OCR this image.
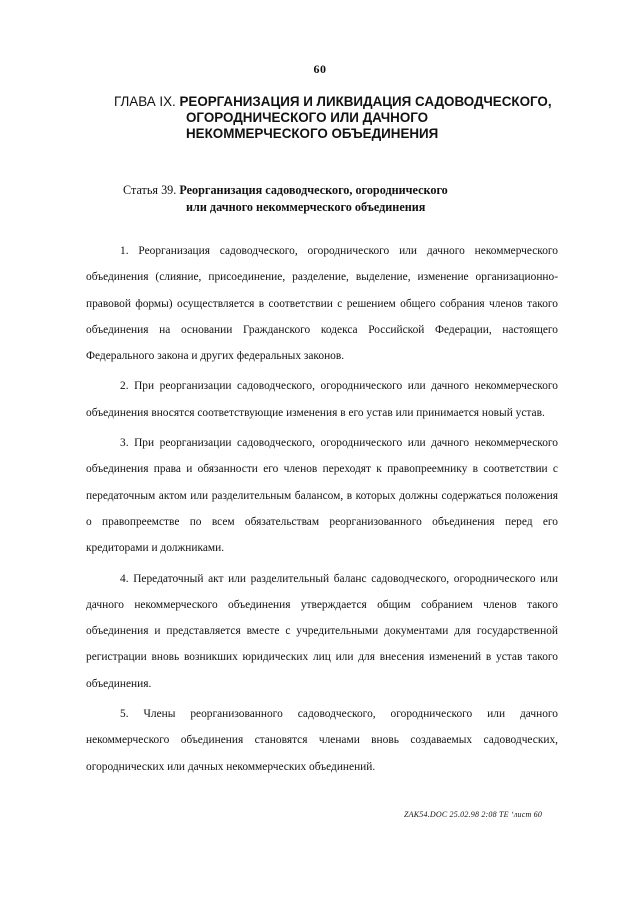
60
ГЛАВА IX. РЕОРГАНИЗАЦИЯ И ЛИКВИДАЦИЯ САДОВОДЧЕСКОГО,
ОГОРОДНИЧЕСКОГО ИЛИ ДАЧНОГО
НЕКОММЕРЧЕСКОГО ОБЪЕДИНЕНИЯ
Статья 39. Реорганизация садоводческого, огороднического
или дачного некоммерческого объединения

1. Реорганизация садоводческого, огороднического или дачного некоммерческого объединения (слияние, присоединение, разделение, выделение, изменение организационно-правовой формы) осуществляется в соответствии с решением общего собрания членов такого объединения на основании Гражданского кодекса Российской Федерации, настоящего Федерального закона и других федеральных законов.

2. При реорганизации садоводческого, огороднического или дачного некоммерческого объединения вносятся соответствующие изменения в его устав или принимается новый устав.

3. При реорганизации садоводческого, огороднического или дачного некоммерческого объединения права и обязанности его членов переходят к правопреемнику в соответствии с передаточным актом или разделительным балансом, в которых должны содержаться положения о правопреемстве по всем обязательствам реорганизованного объединения перед его кредиторами и должниками.

4. Передаточный акт или разделительный баланс садоводческого, огороднического или дачного некоммерческого объединения утверждается общим собранием членов такого объединения и представляется вместе с учредительными документами для государственной регистрации вновь возникших юридических лиц или для внесения изменений в устав такого объединения.

5. Члены реорганизованного садоводческого, огороднического или дачного некоммерческого объединения становятся членами вновь создаваемых садоводческих, огороднических или дачных некоммерческих объединений.

ZAK54.DOC 25.02.98 2:08 TE ‘лист 60
